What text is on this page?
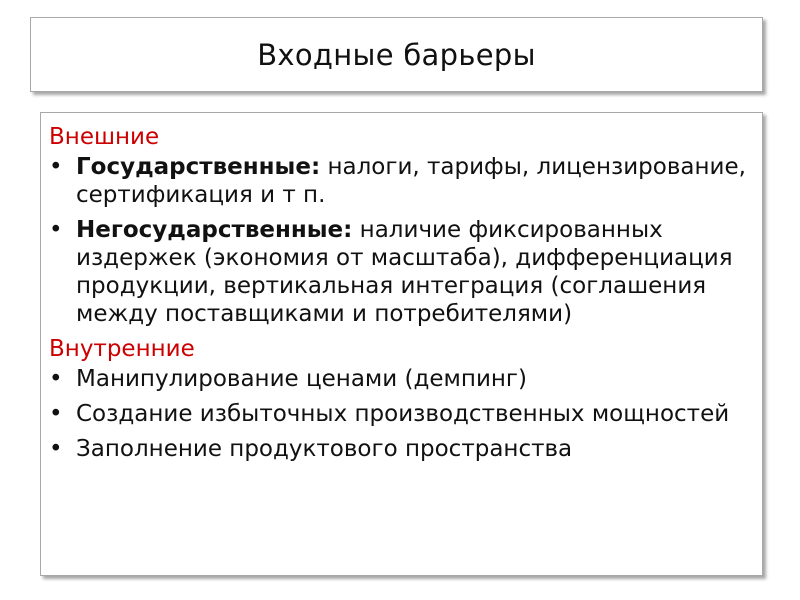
Входные барьеры
Внешние
• Государственные: налоги, тарифы, лицензирование, сертификация и т п.
• Негосударственные: наличие фиксированных издержек (экономия от масштаба), дифференциация продукции, вертикальная интеграция (соглашения между поставщиками и потребителями)
Внутренние
• Манипулирование ценами (демпинг)
• Создание избыточных производственных мощностей
• Заполнение продуктового пространства
